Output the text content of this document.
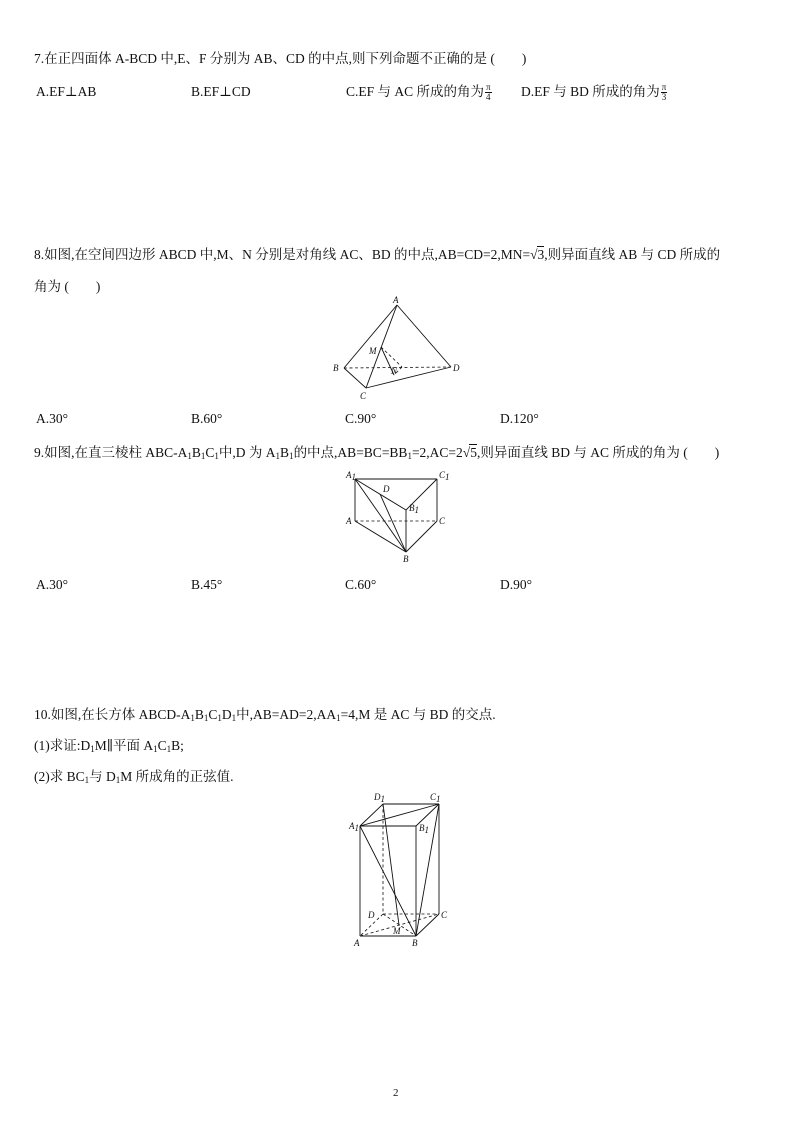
7.在正四面体 A-BCD 中,E、F 分别为 AB、CD 的中点,则下列命题不正确的是 (　　)
A.EF⊥AB	B.EF⊥CD	C.EF 与 AC 所成的角为 $\frac{\pi}{4} D.EF$ 与 BD 所成的角为 $\frac{\pi}{3}$
8.如图,在空间四边形 ABCD 中,M、N 分别是对角线 AC、BD 的中点,AB=CD=2,MN=√3,则异面直线 AB 与 CD 所成的
角为 (　　)
A
B
C
D
M
N
A.30°	B.60°	C.90°	D.120°
9.如图,在直三棱柱 ABC-$A_1B_1C_1$中,D 为 $A_1B_1$的中点$,AB=BC=BB_1=2,AC=2√5$,则异面直线 BD 与 AC 所成的角为 (　　)
A1	C1
D
B1
A	C
B
A.30°	B.45°	C.60°	D.90°
10.如图,在长方体 ABCD-$A_1B_1C_1D_1$中$,AB=AD=2,AA_1=4,M$ 是 AC 与 BD 的交点.
(1)求证$:D_1M\parallel$平面 $A_1C_1B$;
(2)求 $BC_1$与 $D_1M$ 所成角的正弦值.
D1	C1
A1	B1
D	C
M
A	B
2
